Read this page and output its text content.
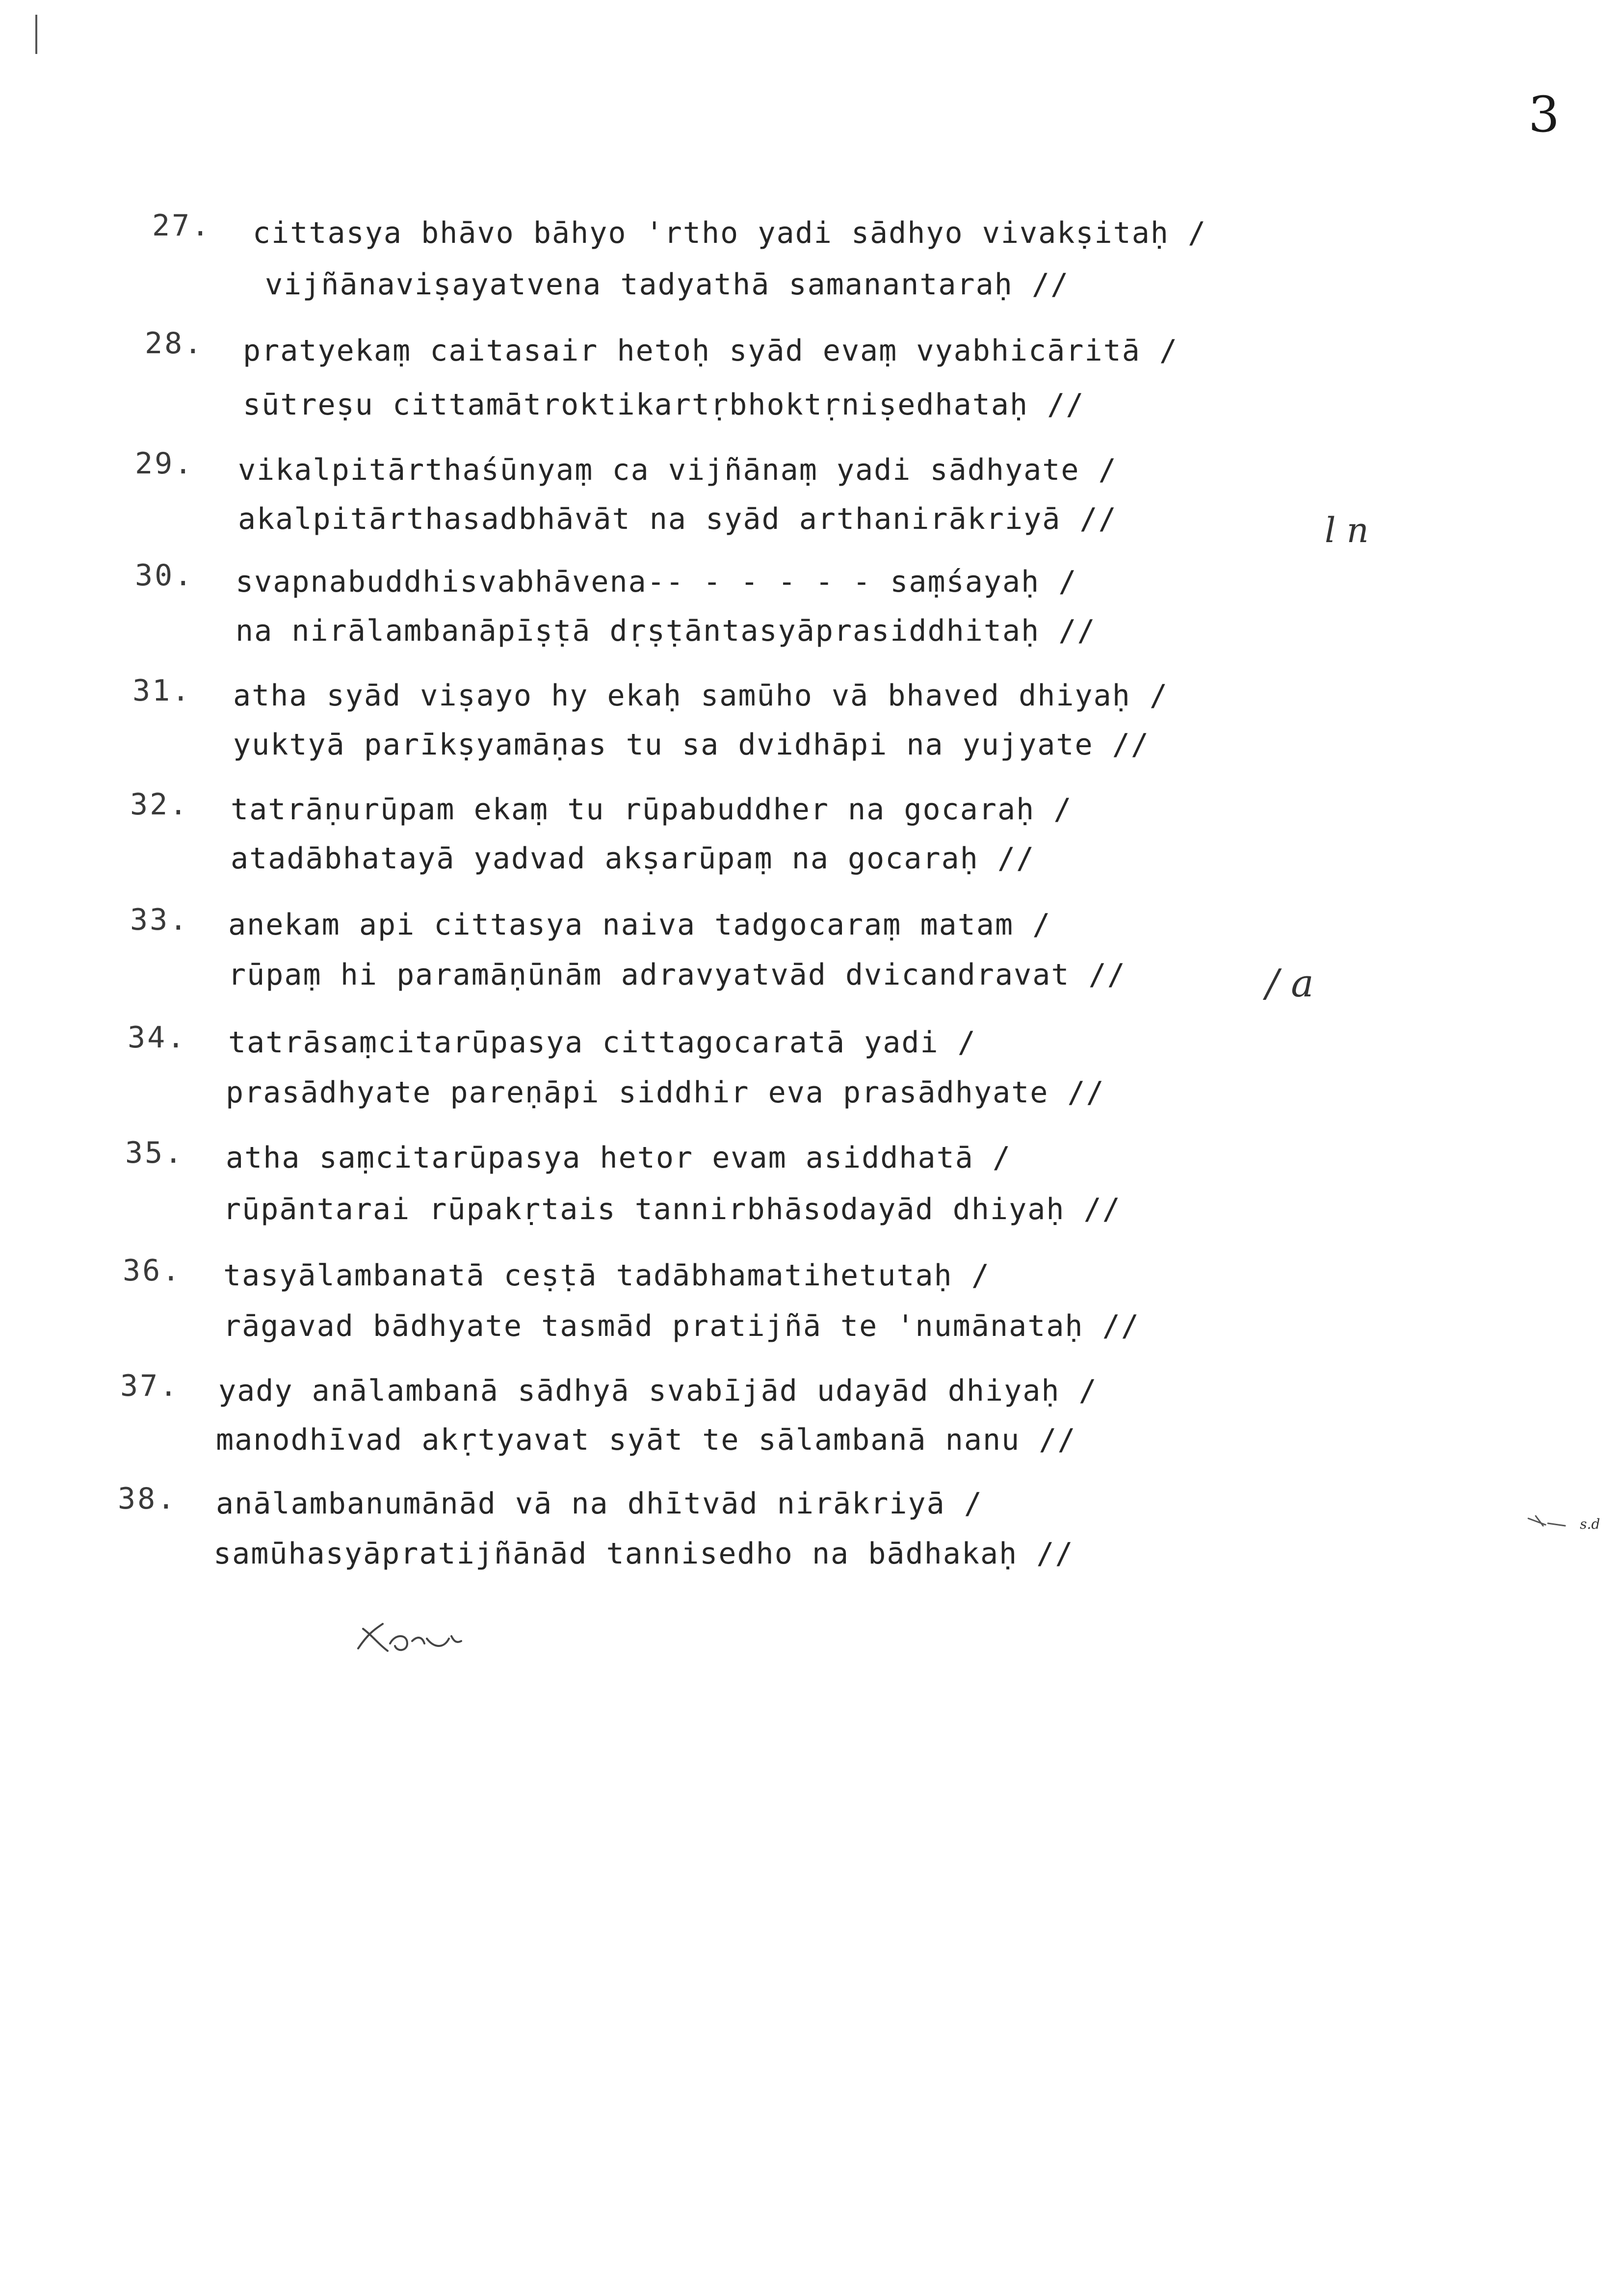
3
27. cittasya bhāvo bāhyo 'rtho yadi sādhyo vivakṣitaḥ /
vijñānaviṣayatvena tadyathā samanantaraḥ //
28. pratyekaṃ caitasair hetoḥ syād evaṃ vyabhicāritā /
sūtreṣu cittamātroktikartṛbhoktṛniṣedhataḥ //
29. vikalpitārthaśūnyaṃ ca vijñānaṃ yadi sādhyate /
akalpitārthasadbhāvāt na syād arthanirākriyā //
30. svapnabuddhisvabhāvena-- - - - - - saṃśayaḥ /
na nirālambanāpīṣṭā dṛṣṭāntasyāprasiddhitaḥ //
31. atha syād viṣayo hy ekaḥ samūho vā bhaved dhiyaḥ /
yuktyā parīkṣyamāṇas tu sa dvidhāpi na yujyate //
32. tatrāṇurūpam ekaṃ tu rūpabuddher na gocaraḥ /
atadābhatayā yadvad akṣarūpaṃ na gocaraḥ //
33. anekam api cittasya naiva tadgocaraṃ matam /
rūpaṃ hi paramāṇūnām adravyatvād dvicandravat //
34. tatrāsaṃcitarūpasya cittagocaratā yadi /
prasādhyate pareṇāpi siddhir eva prasādhyate //
35. atha saṃcitarūpasya hetor evam asiddhatā /
rūpāntarai rūpakṛtais tannirbhāsodayād dhiyaḥ //
36. tasyālambanatā ceṣṭā tadābhamatihetutaḥ /
rāgavad bādhyate tasmād pratijñā te 'numānataḥ //
37. yady anālambanā sādhyā svabījād udayād dhiyaḥ /
manodhīvad akṛtyavat syāt te sālambanā nanu //
38. anālambanumānād vā na dhītvād nirākriyā /
samūhasyāpratijñānād tannisedho na bādhakaḥ //
l n
/ a
s.d
